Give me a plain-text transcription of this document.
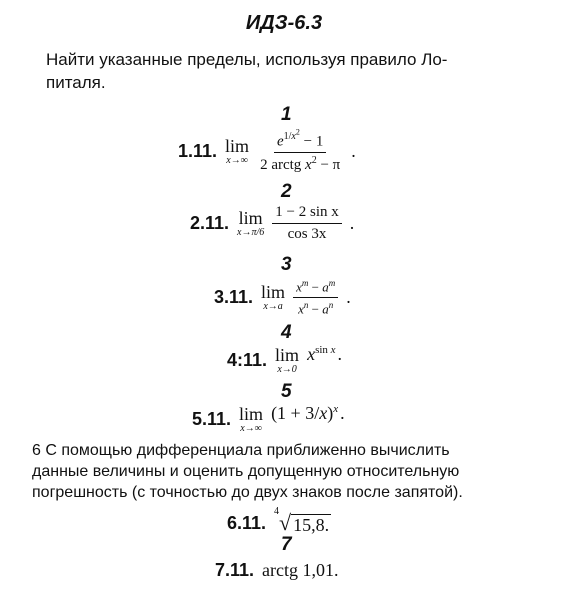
ИДЗ-6.3
Найти указанные пределы, используя правило Ло-
питаля.
1
1.11. lim
$x\to\infty \frac{e^{1/x^2} - 1}{2 arctg x^2 - \pi}$ .
2
2.11. lim
$x\to\pi/6 \frac{\text{1 − 2 sin x}}{\cos 3x}$ .
3
3.11. lim
$x\to a \frac{x^m - a^m}{x^n - a^n}$ .
4
4:11. lim
x→0
$x^{sin x}$ .
5
5.11. lim
x→∞
$(1 + 3/x)^x$ .
6 С помощью дифференциала приближенно вычислить
данные величины и оценить допущенную относительную
погрешность (с точностью до двух знаков после запятой).
6.11.
4 √ 15,8.
7
7.11. arctg 1,01.
